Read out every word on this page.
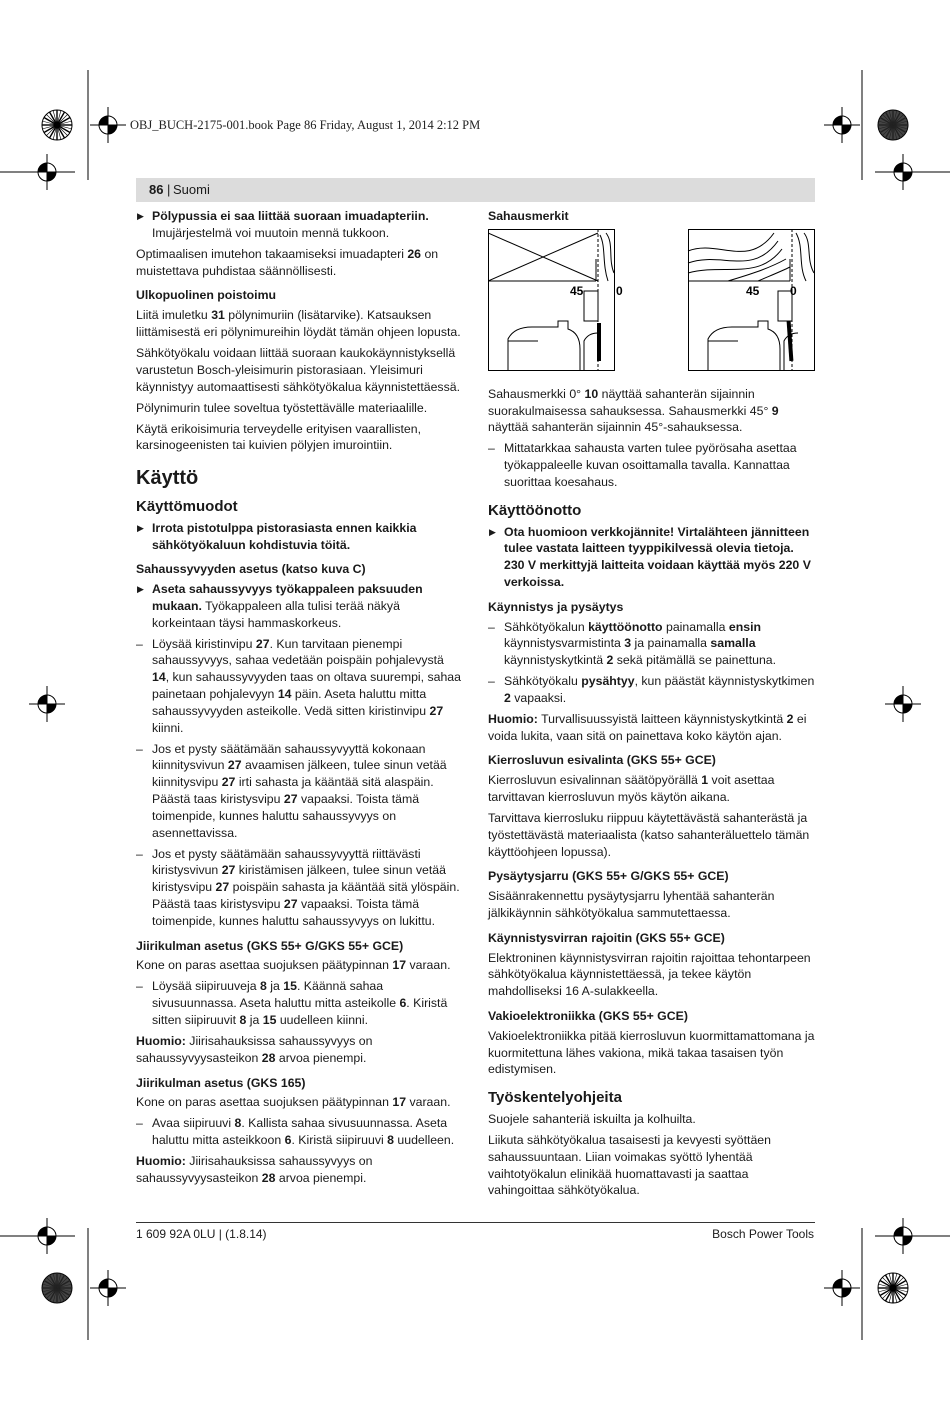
OBJ_BUCH-2175-001.book Page 86 Friday, August 1, 2014 2:12 PM
86 | Suomi

▶ Pölypussia ei saa liittää suoraan imuadapteriin. Imujärjestelmä voi muutoin mennä tukkoon.

Optimaalisen imutehon takaamiseksi imuadapteri 26 on muistettava puhdistaa säännöllisesti.

Ulkopuolinen poistoimu

Liitä imuletku 31 pölynimuriin (lisätarvike). Katsauksen liittämisestä eri pölynimureihin löydät tämän ohjeen lopusta.

Sähkötyökalu voidaan liittää suoraan kaukokäynnistyksellä varustetun Bosch-yleisimurin pistorasiaan. Yleisimuri käynnistyy automaattisesti sähkötyökalua käynnistettäessä.

Pölynimurin tulee soveltua työstettävälle materiaalille.

Käytä erikoisimuria terveydelle erityisen vaarallisten, karsinogeenisten tai kuivien pölyjen imurointiin.

Käyttö
Käyttömuodot

▶ Irrota pistotulppa pistorasiasta ennen kaikkia sähkötyökaluun kohdistuvia töitä.

Sahaussyvyyden asetus (katso kuva C)

▶ Aseta sahaussyvyys työkappaleen paksuuden mukaan. Työkappaleen alla tulisi terää näkyä korkeintaan täysi hammaskorkeus.

– Löysää kiristinvipu 27. Kun tarvitaan pienempi sahaussyvyys, sahaa vedetään poispäin pohjalevystä 14, kun sahaussyvyyden taas on oltava suurempi, sahaa painetaan pohjalevyyn 14 päin. Aseta haluttu mitta sahaussyvyyden asteikolle. Vedä sitten kiristinvipu 27 kiinni.

– Jos et pysty säätämään sahaussyvyyttä kokonaan kiinnitysvivun 27 avaamisen jälkeen, tulee sinun vetää kiinnitysvipu 27 irti sahasta ja kääntää sitä alaspäin. Päästä taas kiristysvipu 27 vapaaksi. Toista tämä toimenpide, kunnes haluttu sahaussyvyys on asennettavissa.

– Jos et pysty säätämään sahaussyvyyttä riittävästi kiristysvivun 27 kiristämisen jälkeen, tulee sinun vetää kiristysvipu 27 poispäin sahasta ja kääntää sitä ylöspäin. Päästä taas kiristysvipu 27 vapaaksi. Toista tämä toimenpide, kunnes haluttu sahaussyvyys on lukittu.

Jiirikulman asetus (GKS 55+ G/GKS 55+ GCE)

Kone on paras asettaa suojuksen päätypinnan 17 varaan.

– Löysää siipiruuveja 8 ja 15. Käännä sahaa sivusuunnassa. Aseta haluttu mitta asteikolle 6. Kiristä sitten siipiruuvit 8 ja 15 uudelleen kiinni.

Huomio: Jiirisahauksissa sahaussyvyys on sahaussyvyysasteikon 28 arvoa pienempi.

Jiirikulman asetus (GKS 165)

Kone on paras asettaa suojuksen päätypinnan 17 varaan.

– Avaa siipiruuvi 8. Kallista sahaa sivusuunnassa. Aseta haluttu mitta asteikkoon 6. Kiristä siipiruuvi 8 uudelleen.

Huomio: Jiirisahauksissa sahaussyvyys on sahaussyvyysasteikon 28 arvoa pienempi.

Sahausmerkit

45	0	45	0

Sahausmerkki 0° 10 näyttää sahanterän sijainnin suorakulmaisessa sahauksessa. Sahausmerkki 45° 9 näyttää sahanterän sijainnin 45°-sahauksessa.

– Mittatarkkaa sahausta varten tulee pyörösaha asettaa työkappaleelle kuvan osoittamalla tavalla. Kannattaa suorittaa koesahaus.

Käyttöönotto

▶ Ota huomioon verkkojännite! Virtalähteen jännitteen tulee vastata laitteen tyyppikilvessä olevia tietoja. 230 V merkittyjä laitteita voidaan käyttää myös 220 V verkoissa.

Käynnistys ja pysäytys

– Sähkötyökalun käyttöönotto painamalla ensin käynnistysvarmistinta 3 ja painamalla samalla käynnistyskytkintä 2 sekä pitämällä se painettuna.

– Sähkötyökalu pysähtyy, kun päästät käynnistyskytkimen 2 vapaaksi.

Huomio: Turvallisuussyistä laitteen käynnistyskytkintä 2 ei voida lukita, vaan sitä on painettava koko käytön ajan.

Kierrosluvun esivalinta (GKS 55+ GCE)

Kierrosluvun esivalinnan säätöpyörällä 1 voit asettaa tarvittavan kierrosluvun myös käytön aikana.

Tarvittava kierrosluku riippuu käytettävästä sahanterästä ja työstettävästä materiaalista (katso sahanteräluettelo tämän käyttöohjeen lopussa).

Pysäytysjarru (GKS 55+ G/GKS 55+ GCE)

Sisäänrakennettu pysäytysjarru lyhentää sahanterän jälkikäynnin sähkötyökalua sammutettaessa.

Käynnistysvirran rajoitin (GKS 55+ GCE)

Elektroninen käynnistysvirran rajoitin rajoittaa tehontarpeen sähkötyökalua käynnistettäessä, ja tekee käytön mahdolliseksi 16 A-sulakkeella.

Vakioelektroniikka (GKS 55+ GCE)

Vakioelektroniikka pitää kierrosluvun kuormittamattomana ja kuormitettuna lähes vakiona, mikä takaa tasaisen työn edistymisen.

Työskentelyohjeita

Suojele sahanteriä iskuilta ja kolhuilta.

Liikuta sähkötyökalua tasaisesti ja kevyesti syöttäen sahaussuuntaan. Liian voimakas syöttö lyhentää vaihtotyökalun elinikää huomattavasti ja saattaa vahingoittaa sähkötyökalua.

1 609 92A 0LU | (1.8.14)	Bosch Power Tools
